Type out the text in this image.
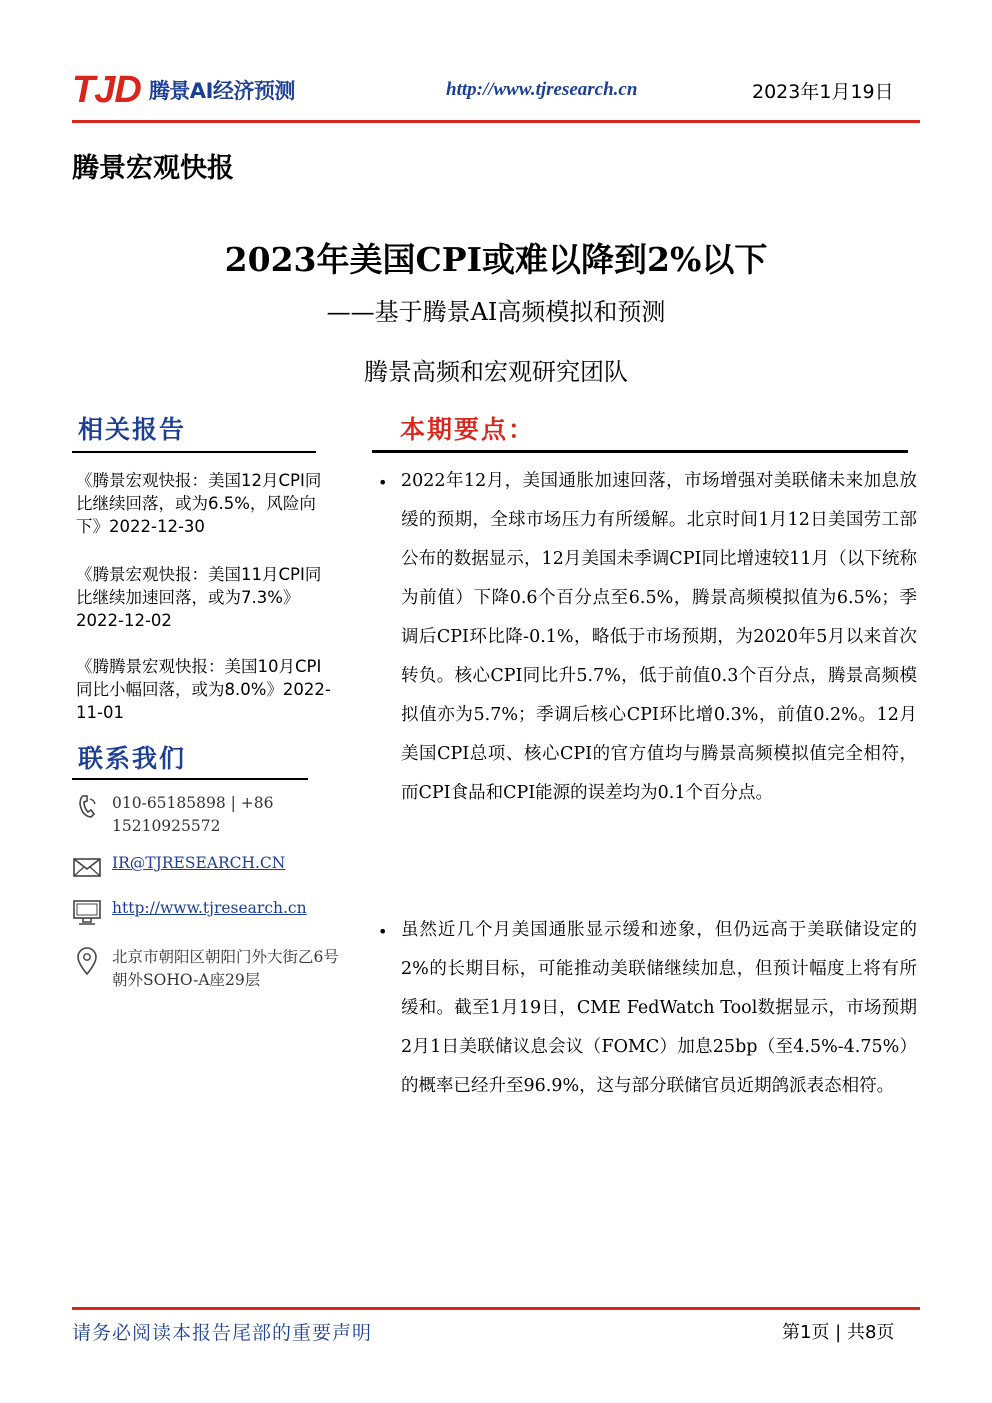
TJD 腾景AI经济预测	http://www.tjresearch.cn	2023年1月19日
腾景宏观快报
2023年美国CPI或难以降到2%以下
——基于腾景AI高频模拟和预测
腾景高频和宏观研究团队
相关报告
《腾景宏观快报：美国12月CPI同比继续回落，或为6.5%，风险向下》2022-12-30
《腾景宏观快报：美国11月CPI同比继续加速回落，或为7.3%》2022-12-02
《腾腾景宏观快报：美国10月CPI同比小幅回落，或为8.0%》2022-11-01
联系我们
010-65185898 | +86 15210925572
IR@TJRESEARCH.CN
http://www.tjresearch.cn
北京市朝阳区朝阳门外大街乙6号朝外SOHO-A座29层
本期要点：
• 2022年12月，美国通胀加速回落，市场增强对美联储未来加息放缓的预期，全球市场压力有所缓解。北京时间1月12日美国劳工部公布的数据显示，12月美国未季调CPI同比增速较11月（以下统称为前值）下降0.6个百分点至6.5%，腾景高频模拟值为6.5%；季调后CPI环比降-0.1%，略低于市场预期，为2020年5月以来首次转负。核心CPI同比升5.7%，低于前值0.3个百分点，腾景高频模拟值亦为5.7%；季调后核心CPI环比增0.3%，前值0.2%。12月美国CPI总项、核心CPI的官方值均与腾景高频模拟值完全相符，而CPI食品和CPI能源的误差均为0.1个百分点。
• 虽然近几个月美国通胀显示缓和迹象，但仍远高于美联储设定的2%的长期目标，可能推动美联储继续加息，但预计幅度上将有所缓和。截至1月19日，CME FedWatch Tool数据显示，市场预期2月1日美联储议息会议（FOMC）加息25bp（至4.5%-4.75%）的概率已经升至96.9%，这与部分联储官员近期鸽派表态相符。
请务必阅读本报告尾部的重要声明	第1页 | 共8页
